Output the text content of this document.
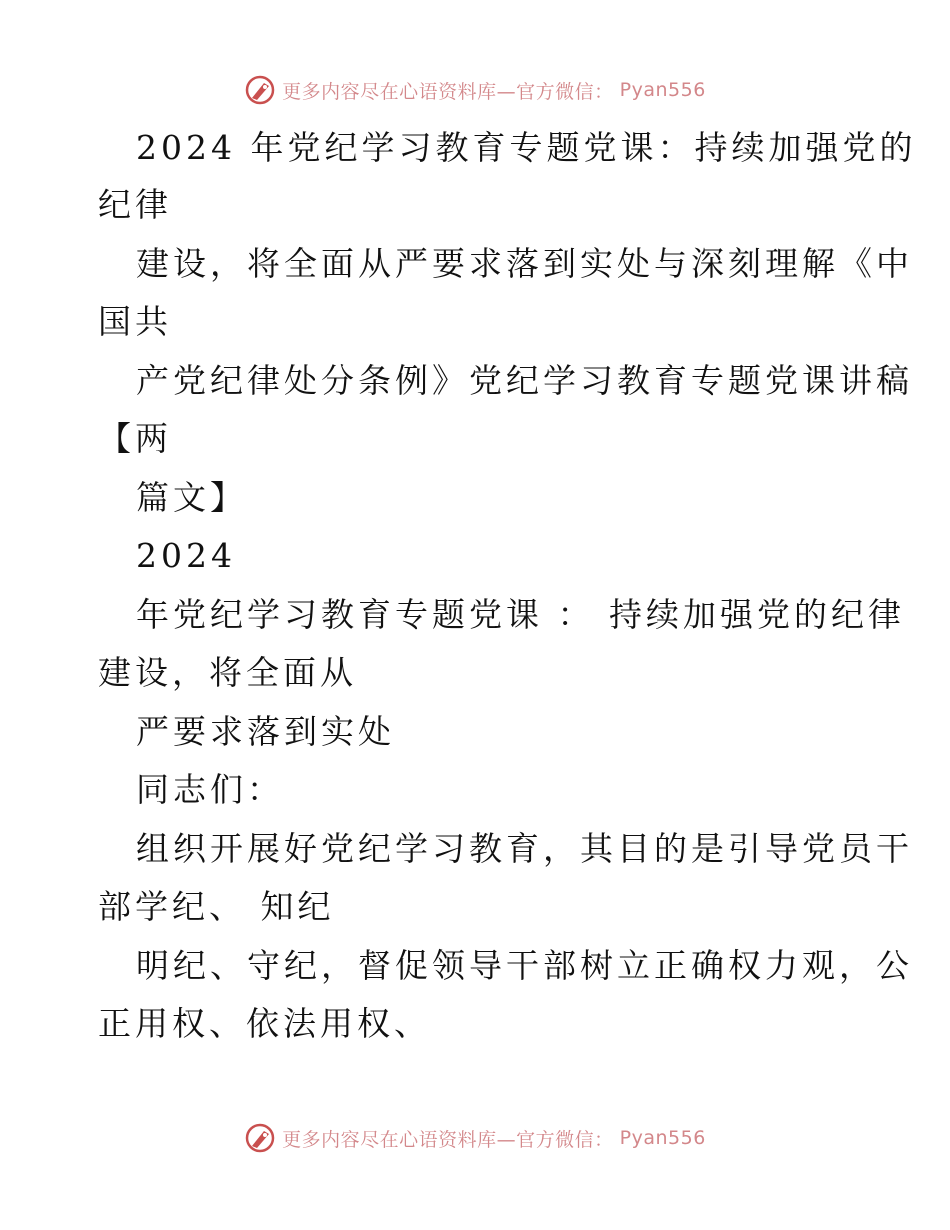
更多内容尽在心语资料库—官方微信： Pyan556
2024 年党纪学习教育专题党课：持续加强党的
纪律
建设，将全面从严要求落到实处与深刻理解《中
国共
产党纪律处分条例》党纪学习教育专题党课讲稿
【两
篇文】
2024
年党纪学习教育专题党课 ： 持续加强党的纪律
建设，将全面从
严要求落到实处
同志们：
组织开展好党纪学习教育，其目的是引导党员干
部学纪、 知纪
明纪、守纪，督促领导干部树立正确权力观，公
正用权、依法用权、
更多内容尽在心语资料库—官方微信： Pyan556
